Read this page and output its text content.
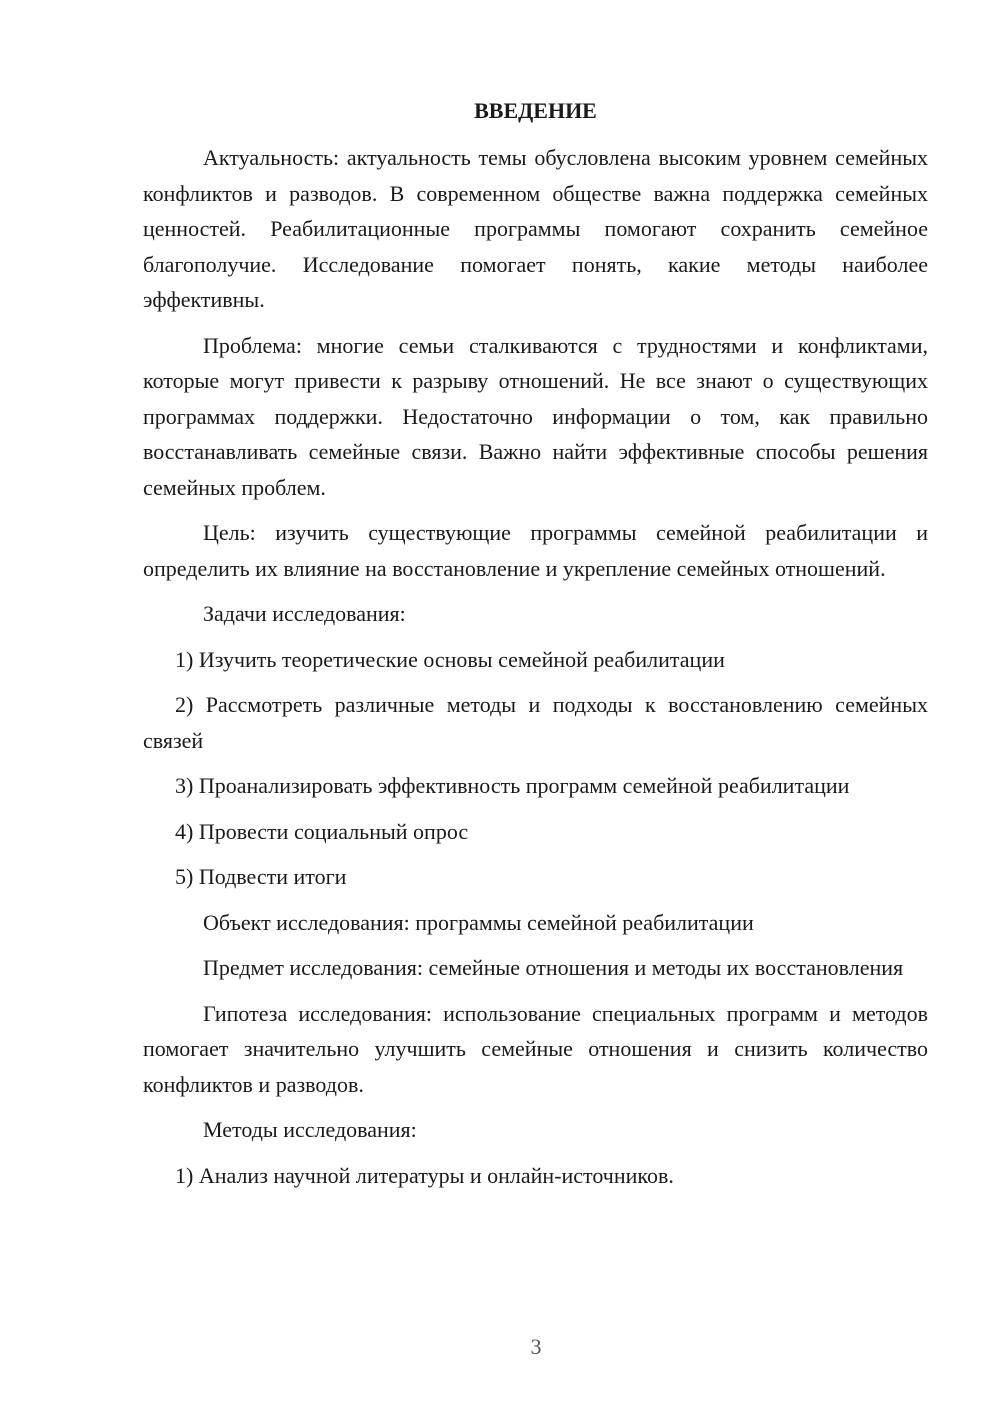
ВВЕДЕНИЕ

Актуальность: актуальность темы обусловлена высоким уровнем семейных конфликтов и разводов. В современном обществе важна поддержка семейных ценностей. Реабилитационные программы помогают сохранить семейное благополучие. Исследование помогает понять, какие методы наиболее эффективны.

Проблема: многие семьи сталкиваются с трудностями и конфликтами, которые могут привести к разрыву отношений. Не все знают о существующих программах поддержки. Недостаточно информации о том, как правильно восстанавливать семейные связи. Важно найти эффективные способы решения семейных проблем.

Цель: изучить существующие программы семейной реабилитации и определить их влияние на восстановление и укрепление семейных отношений.

Задачи исследования:

1) Изучить теоретические основы семейной реабилитации

2) Рассмотреть различные методы и подходы к восстановлению семейных связей

3) Проанализировать эффективность программ семейной реабилитации

4) Провести социальный опрос

5) Подвести итоги

Объект исследования: программы семейной реабилитации

Предмет исследования: семейные отношения и методы их восстановления

Гипотеза исследования: использование специальных программ и методов помогает значительно улучшить семейные отношения и снизить количество конфликтов и разводов.

Методы исследования:

1) Анализ научной литературы и онлайн-источников.

3
